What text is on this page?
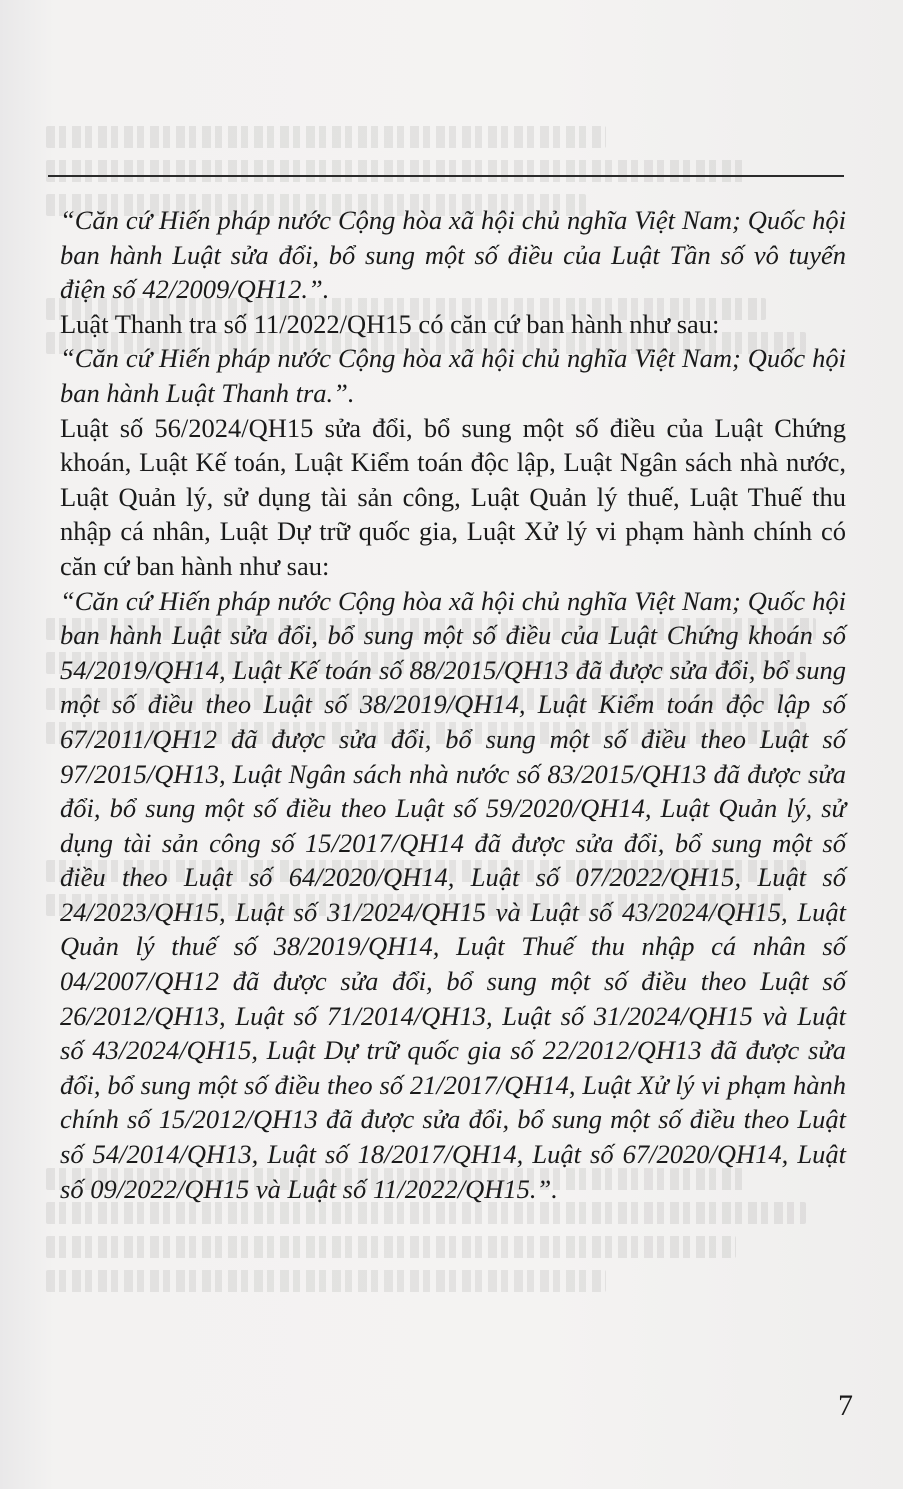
“Căn cứ Hiến pháp nước Cộng hòa xã hội chủ nghĩa Việt Nam; Quốc hội ban hành Luật sửa đổi, bổ sung một số điều của Luật Tần số vô tuyến điện số 42/2009/QH12.”.

Luật Thanh tra số 11/2022/QH15 có căn cứ ban hành như sau:

“Căn cứ Hiến pháp nước Cộng hòa xã hội chủ nghĩa Việt Nam; Quốc hội ban hành Luật Thanh tra.”.

Luật số 56/2024/QH15 sửa đổi, bổ sung một số điều của Luật Chứng khoán, Luật Kế toán, Luật Kiểm toán độc lập, Luật Ngân sách nhà nước, Luật Quản lý, sử dụng tài sản công, Luật Quản lý thuế, Luật Thuế thu nhập cá nhân, Luật Dự trữ quốc gia, Luật Xử lý vi phạm hành chính có căn cứ ban hành như sau:

“Căn cứ Hiến pháp nước Cộng hòa xã hội chủ nghĩa Việt Nam; Quốc hội ban hành Luật sửa đổi, bổ sung một số điều của Luật Chứng khoán số 54/2019/QH14, Luật Kế toán số 88/2015/QH13 đã được sửa đổi, bổ sung một số điều theo Luật số 38/2019/QH14, Luật Kiểm toán độc lập số 67/2011/QH12 đã được sửa đổi, bổ sung một số điều theo Luật số 97/2015/QH13, Luật Ngân sách nhà nước số 83/2015/QH13 đã được sửa đổi, bổ sung một số điều theo Luật số 59/2020/QH14, Luật Quản lý, sử dụng tài sản công số 15/2017/QH14 đã được sửa đổi, bổ sung một số điều theo Luật số 64/2020/QH14, Luật số 07/2022/QH15, Luật số 24/2023/QH15, Luật số 31/2024/QH15 và Luật số 43/2024/QH15, Luật Quản lý thuế số 38/2019/QH14, Luật Thuế thu nhập cá nhân số 04/2007/QH12 đã được sửa đổi, bổ sung một số điều theo Luật số 26/2012/QH13, Luật số 71/2014/QH13, Luật số 31/2024/QH15 và Luật số 43/2024/QH15, Luật Dự trữ quốc gia số 22/2012/QH13 đã được sửa đổi, bổ sung một số điều theo số 21/2017/QH14, Luật Xử lý vi phạm hành chính số 15/2012/QH13 đã được sửa đổi, bổ sung một số điều theo Luật số 54/2014/QH13, Luật số 18/2017/QH14, Luật số 67/2020/QH14, Luật số 09/2022/QH15 và Luật số 11/2022/QH15.”.

7
